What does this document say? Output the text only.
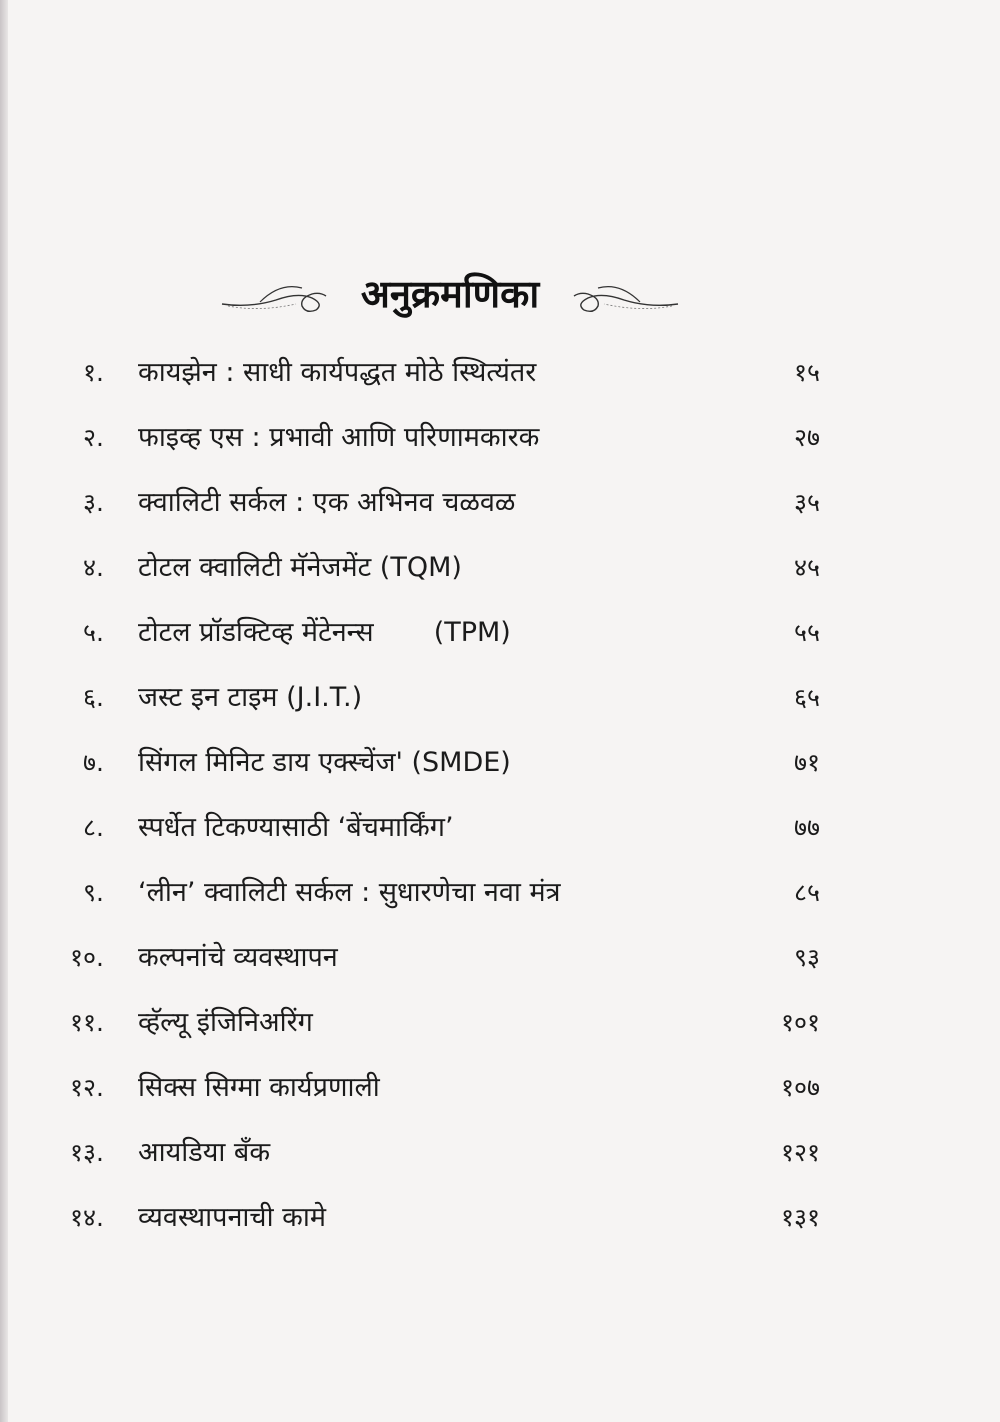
अनुक्रमणिका
१. कायझेन : साधी कार्यपद्धत मोठे स्थित्यंतर	१५
२. फाइव्ह एस : प्रभावी आणि परिणामकारक	२७
३. क्वालिटी सर्कल : एक अभिनव चळवळ	३५
४. टोटल क्वालिटी मॅनेजमेंट (TQM)	४५
५. टोटल प्रॉडक्टिव्ह मेंटेनन्स       (TPM)	५५
६. जस्ट इन टाइम (J.I.T.)	६५
७. सिंगल मिनिट डाय एक्स्चेंज' (SMDE)	७१
८. स्पर्धेत टिकण्यासाठी ‘बेंचमार्किंग’	७७
९. ‘लीन’ क्वालिटी सर्कल : सुधारणेचा नवा मंत्र	८५
१०. कल्पनांचे व्यवस्थापन	९३
११. व्हॅल्यू इंजिनिअरिंग	१०१
१२. सिक्स सिग्मा कार्यप्रणाली	१०७
१३. आयडिया बँक	१२१
१४. व्यवस्थापनाची कामे	१३१
